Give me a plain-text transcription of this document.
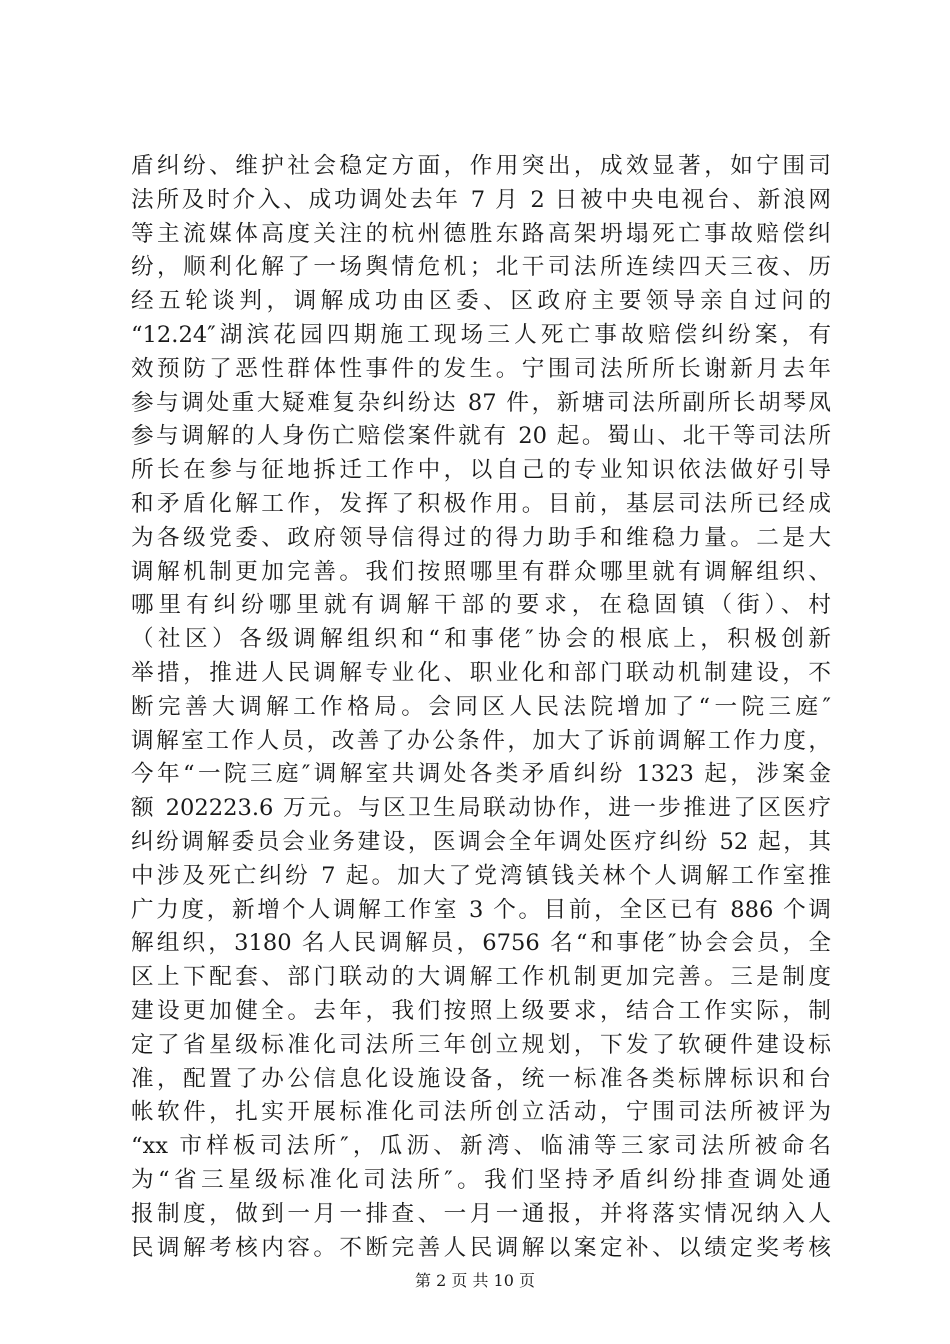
盾纠纷、维护社会稳定方面，作用突出，成效显著，如宁围司
法所及时介入、成功调处去年 7 月 2 日被中央电视台、新浪网
等主流媒体高度关注的杭州德胜东路高架坍塌死亡事故赔偿纠
纷，顺利化解了一场舆情危机；北干司法所连续四天三夜、历
经五轮谈判，调解成功由区委、区政府主要领导亲自过问的
“12.24″湖滨花园四期施工现场三人死亡事故赔偿纠纷案，有
效预防了恶性群体性事件的发生。宁围司法所所长谢新月去年
参与调处重大疑难复杂纠纷达 87 件，新塘司法所副所长胡琴凤
参与调解的人身伤亡赔偿案件就有 20 起。蜀山、北干等司法所
所长在参与征地拆迁工作中，以自己的专业知识依法做好引导
和矛盾化解工作，发挥了积极作用。目前，基层司法所已经成
为各级党委、政府领导信得过的得力助手和维稳力量。二是大
调解机制更加完善。我们按照哪里有群众哪里就有调解组织、
哪里有纠纷哪里就有调解干部的要求，在稳固镇（街）、村
（社区）各级调解组织和“和事佬″协会的根底上，积极创新
举措，推进人民调解专业化、职业化和部门联动机制建设，不
断完善大调解工作格局。会同区人民法院增加了“一院三庭″
调解室工作人员，改善了办公条件，加大了诉前调解工作力度，
今年“一院三庭″调解室共调处各类矛盾纠纷 1323 起，涉案金
额 202223.6 万元。与区卫生局联动协作，进一步推进了区医疗
纠纷调解委员会业务建设，医调会全年调处医疗纠纷 52 起，其
中涉及死亡纠纷 7 起。加大了党湾镇钱关林个人调解工作室推
广力度，新增个人调解工作室 3 个。目前，全区已有 886 个调
解组织，3180 名人民调解员，6756 名“和事佬″协会会员，全
区上下配套、部门联动的大调解工作机制更加完善。三是制度
建设更加健全。去年，我们按照上级要求，结合工作实际，制
定了省星级标准化司法所三年创立规划，下发了软硬件建设标
准，配置了办公信息化设施设备，统一标准各类标牌标识和台
帐软件，扎实开展标准化司法所创立活动，宁围司法所被评为
“xx 市样板司法所″，瓜沥、新湾、临浦等三家司法所被命名
为“省三星级标准化司法所″。我们坚持矛盾纠纷排查调处通
报制度，做到一月一排查、一月一通报，并将落实情况纳入人
民调解考核内容。不断完善人民调解以案定补、以绩定奖考核
第 2 页 共 10 页
